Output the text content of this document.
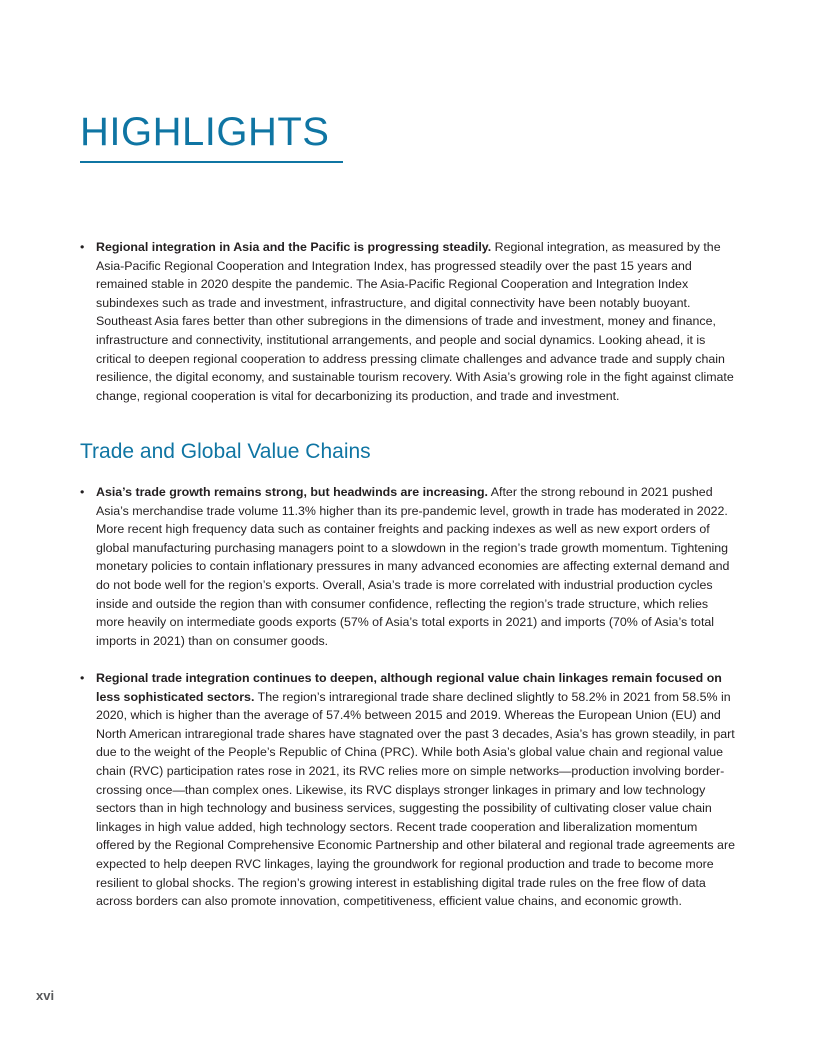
HIGHLIGHTS
• Regional integration in Asia and the Pacific is progressing steadily. Regional integration, as measured by the Asia-Pacific Regional Cooperation and Integration Index, has progressed steadily over the past 15 years and remained stable in 2020 despite the pandemic. The Asia-Pacific Regional Cooperation and Integration Index subindexes such as trade and investment, infrastructure, and digital connectivity have been notably buoyant. Southeast Asia fares better than other subregions in the dimensions of trade and investment, money and finance, infrastructure and connectivity, institutional arrangements, and people and social dynamics. Looking ahead, it is critical to deepen regional cooperation to address pressing climate challenges and advance trade and supply chain resilience, the digital economy, and sustainable tourism recovery. With Asia’s growing role in the fight against climate change, regional cooperation is vital for decarbonizing its production, and trade and investment.
Trade and Global Value Chains
• Asia’s trade growth remains strong, but headwinds are increasing. After the strong rebound in 2021 pushed Asia’s merchandise trade volume 11.3% higher than its pre-pandemic level, growth in trade has moderated in 2022. More recent high frequency data such as container freights and packing indexes as well as new export orders of global manufacturing purchasing managers point to a slowdown in the region’s trade growth momentum. Tightening monetary policies to contain inflationary pressures in many advanced economies are affecting external demand and do not bode well for the region’s exports. Overall, Asia’s trade is more correlated with industrial production cycles inside and outside the region than with consumer confidence, reflecting the region’s trade structure, which relies more heavily on intermediate goods exports (57% of Asia’s total exports in 2021) and imports (70% of Asia’s total imports in 2021) than on consumer goods.
• Regional trade integration continues to deepen, although regional value chain linkages remain focused on less sophisticated sectors. The region’s intraregional trade share declined slightly to 58.2% in 2021 from 58.5% in 2020, which is higher than the average of 57.4% between 2015 and 2019. Whereas the European Union (EU) and North American intraregional trade shares have stagnated over the past 3 decades, Asia’s has grown steadily, in part due to the weight of the People’s Republic of China (PRC). While both Asia’s global value chain and regional value chain (RVC) participation rates rose in 2021, its RVC relies more on simple networks—production involving border-crossing once—than complex ones. Likewise, its RVC displays stronger linkages in primary and low technology sectors than in high technology and business services, suggesting the possibility of cultivating closer value chain linkages in high value added, high technology sectors. Recent trade cooperation and liberalization momentum offered by the Regional Comprehensive Economic Partnership and other bilateral and regional trade agreements are expected to help deepen RVC linkages, laying the groundwork for regional production and trade to become more resilient to global shocks. The region’s growing interest in establishing digital trade rules on the free flow of data across borders can also promote innovation, competitiveness, efficient value chains, and economic growth.
xvi
